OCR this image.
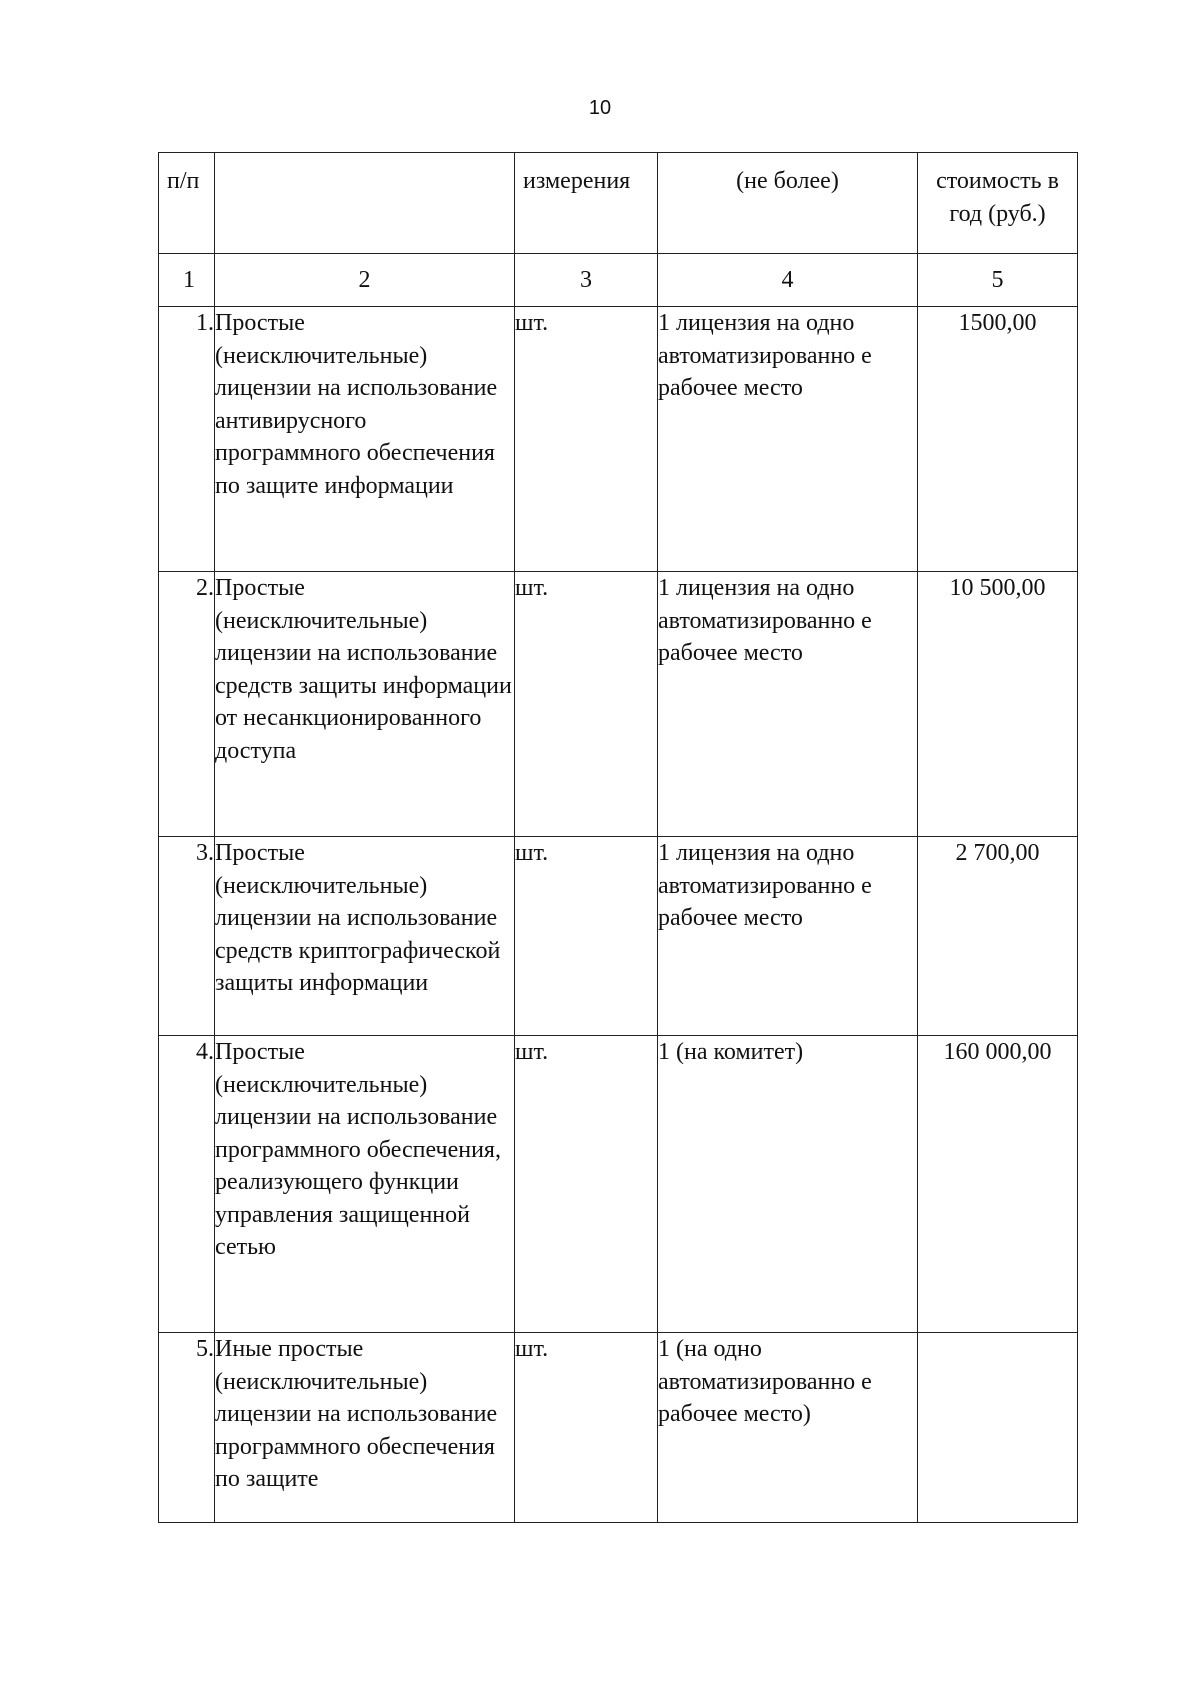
10
п/п		измерения	(не более)	стоимость в год (руб.)
1	2	3	4	5
1.	Простые (неисключительные) лицензии на использование антивирусного программного обеспечения по защите информации	шт.	1 лицензия на одно автоматизированно е рабочее место	1500,00
2.	Простые (неисключительные) лицензии на использование средств защиты информации от несанкционированного доступа	шт.	1 лицензия на одно автоматизированно е рабочее место	10 500,00
3.	Простые (неисключительные) лицензии на использование средств криптографической защиты информации	шт.	1 лицензия на одно автоматизированно е рабочее место	2 700,00
4.	Простые (неисключительные) лицензии на использование программного обеспечения, реализующего функции управления защищенной сетью	шт.	1 (на комитет)	160 000,00
5.	Иные простые (неисключительные) лицензии на использование программного обеспечения по защите	шт.	1 (на одно автоматизированно е рабочее место)	
